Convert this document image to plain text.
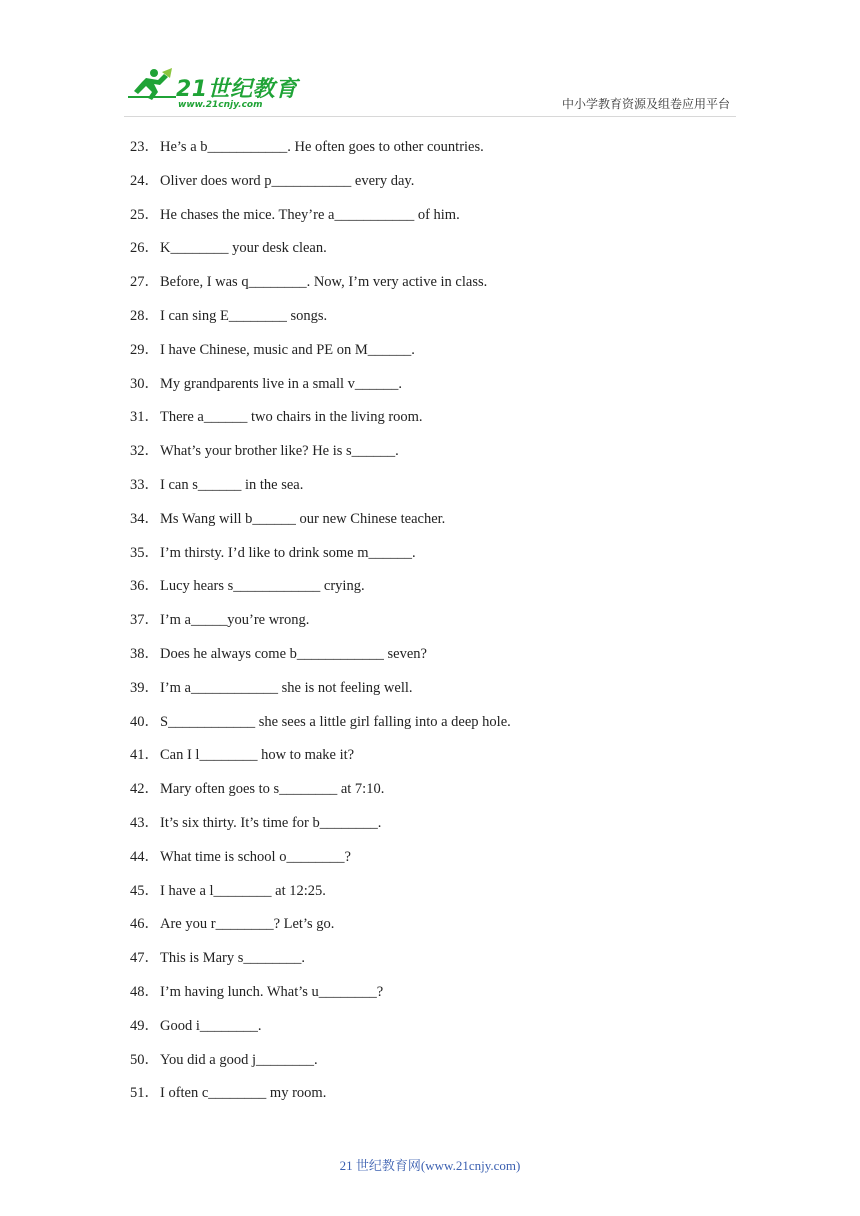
21世纪教育
www.21cnjy.com	中小学教育资源及组卷应用平台
23． He’s a b___________. He often goes to other countries.
24． Oliver does word p___________ every day.
25． He chases the mice. They’re a___________ of him.
26． K________ your desk clean.
27． Before, I was q________. Now, I’m very active in class.
28． I can sing E________ songs.
29． I have Chinese, music and PE on M______.
30． My grandparents live in a small v______.
31． There a______ two chairs in the living room.
32． What’s your brother like? He is s______.
33． I can s______ in the sea.
34． Ms Wang will b______ our new Chinese teacher.
35． I’m thirsty. I’d like to drink some m______.
36． Lucy hears s____________ crying.
37． I’m a_____you’re wrong.
38． Does he always come b____________ seven?
39． I’m a____________ she is not feeling well.
40． S____________ she sees a little girl falling into a deep hole.
41． Can I l________ how to make it?
42． Mary often goes to s________ at 7:10.
43． It’s six thirty. It’s time for b________.
44． What time is school o________?
45． I have a l________ at 12:25.
46． Are you r________? Let’s go.
47． This is Mary s________.
48． I’m having lunch. What’s u________?
49． Good i________.
50． You did a good j________.
51． I often c________ my room.
21 世纪教育网(www.21cnjy.com)
